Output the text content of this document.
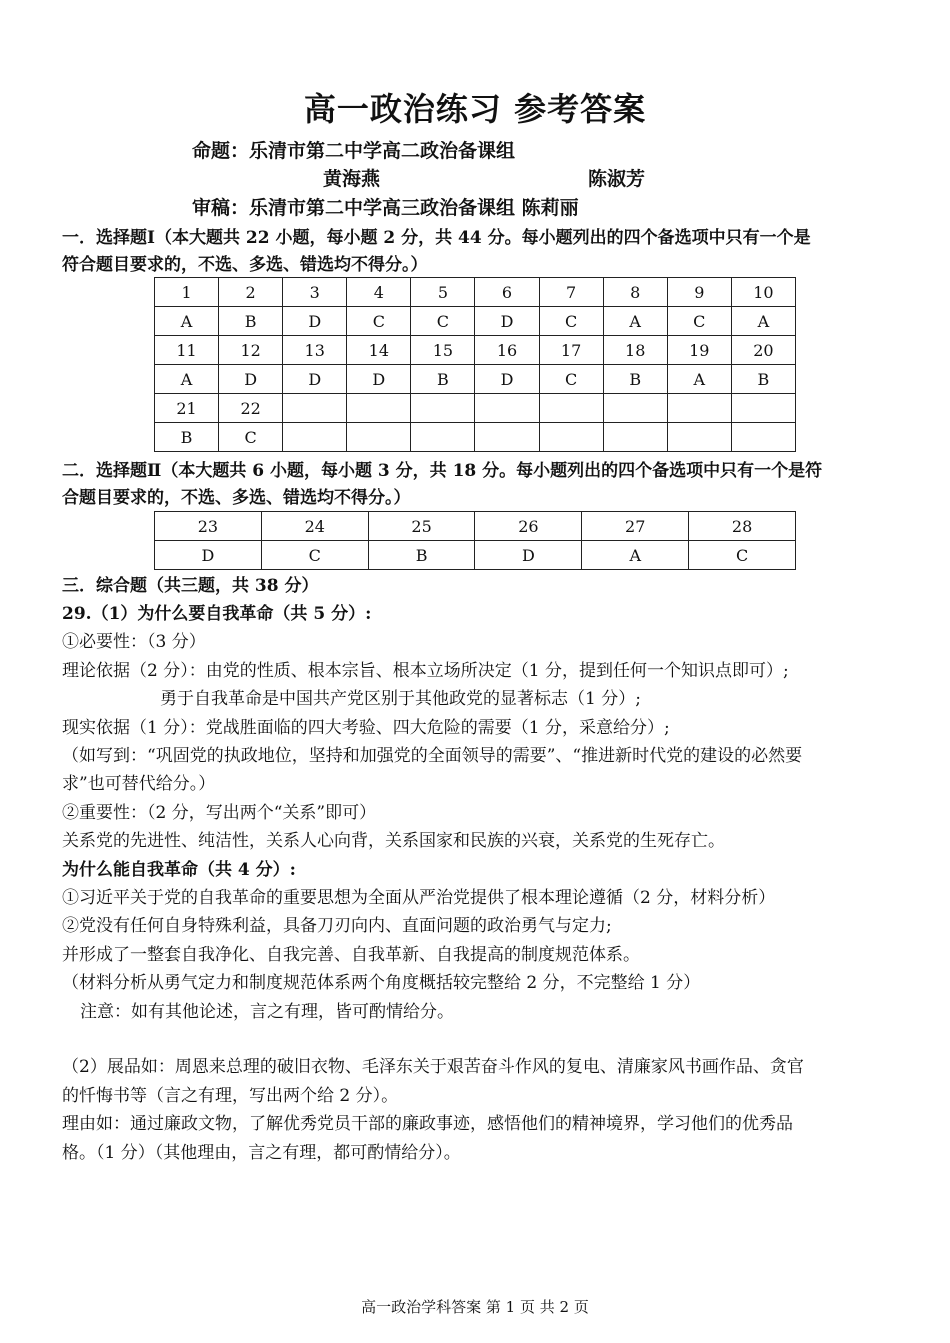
高一政治练习 参考答案
命题：乐清市第二中学高二政治备课组
黄海燕	陈淑芳
审稿：乐清市第二中学高三政治备课组 陈莉丽
一．选择题Ⅰ（本大题共 22 小题，每小题 2 分，共 44 分。每小题列出的四个备选项中只有一个是
符合题目要求的，不选、多选、错选均不得分。）
1	2	3	4	5	6	7	8	9	10
A	B	D	C	C	D	C	A	C	A
11	12	13	14	15	16	17	18	19	20
A	D	D	D	B	D	C	B	A	B
21	22								
B	C								
二．选择题Ⅱ（本大题共 6 小题，每小题 3 分，共 18 分。每小题列出的四个备选项中只有一个是符
合题目要求的，不选、多选、错选均不得分。）
23	24	25	26	27	28
D	C	B	D	A	C
三．综合题（共三题，共 38 分）
29.（1）为什么要自我革命（共 5 分）:
①必要性：（3 分）
理论依据（2 分）：由党的性质、根本宗旨、根本立场所决定（1 分，提到任何一个知识点即可）;
勇于自我革命是中国共产党区别于其他政党的显著标志（1 分）;
现实依据（1 分）：党战胜面临的四大考验、四大危险的需要（1 分，采意给分）;
（如写到：“巩固党的执政地位，坚持和加强党的全面领导的需要”、“推进新时代党的建设的必然要
求”也可替代给分。）
②重要性：（2 分，写出两个“关系”即可）
关系党的先进性、纯洁性，关系人心向背，关系国家和民族的兴衰，关系党的生死存亡。
为什么能自我革命（共 4 分）:
①习近平关于党的自我革命的重要思想为全面从严治党提供了根本理论遵循（2 分，材料分析）
②党没有任何自身特殊利益，具备刀刃向内、直面问题的政治勇气与定力;
并形成了一整套自我净化、自我完善、自我革新、自我提高的制度规范体系。
（材料分析从勇气定力和制度规范体系两个角度概括较完整给 2 分，不完整给 1 分）
注意：如有其他论述，言之有理，皆可酌情给分。
（2）展品如：周恩来总理的破旧衣物、毛泽东关于艰苦奋斗作风的复电、清廉家风书画作品、贪官
的忏悔书等（言之有理，写出两个给 2 分）。
理由如：通过廉政文物，了解优秀党员干部的廉政事迹，感悟他们的精神境界，学习他们的优秀品
格。（1 分）（其他理由，言之有理，都可酌情给分）。
高一政治学科答案 第 1 页 共 2 页
